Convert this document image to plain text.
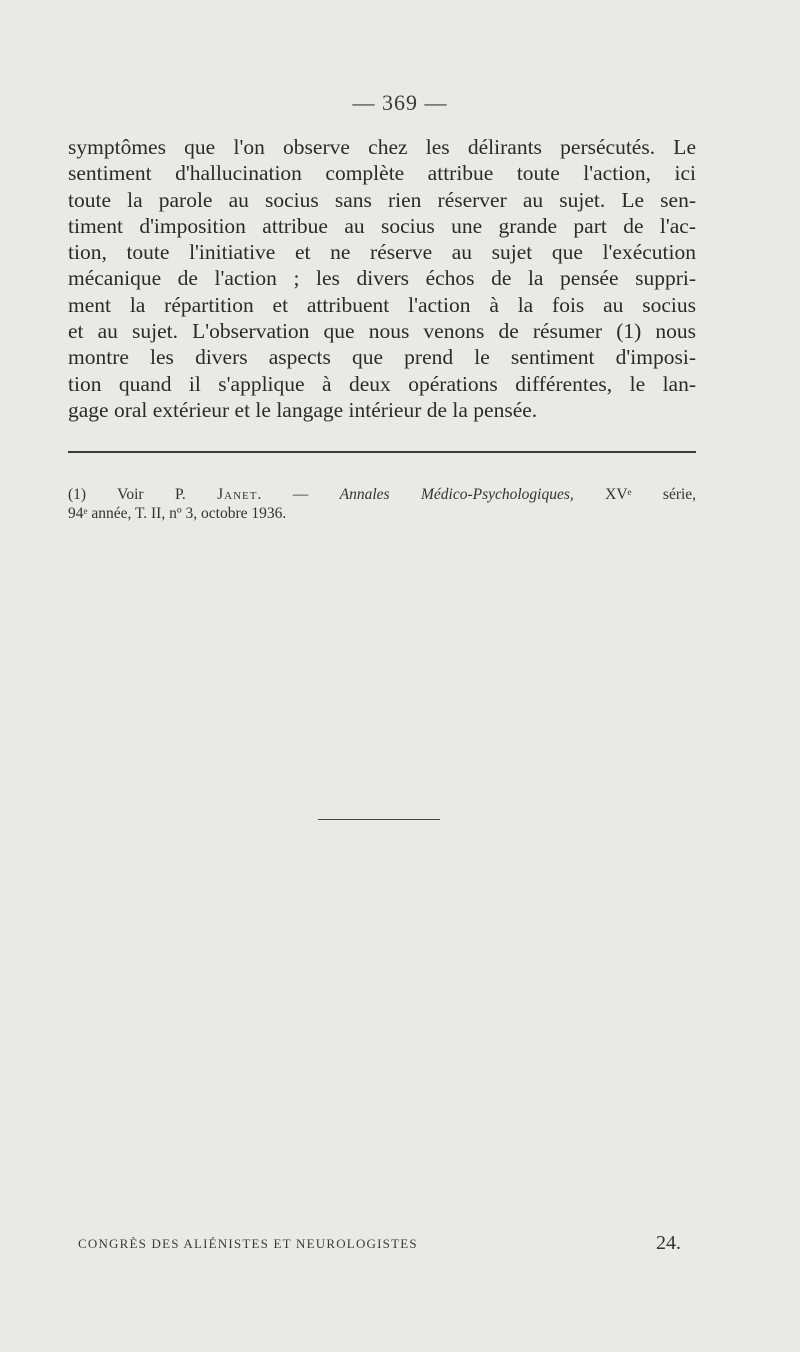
— 369 —
symptômes que l'on observe chez les délirants persécutés. Le
sentiment d'hallucination complète attribue toute l'action, ici
toute la parole au socius sans rien réserver au sujet. Le sen-
timent d'imposition attribue au socius une grande part de l'ac-
tion, toute l'initiative et ne réserve au sujet que l'exécution
mécanique de l'action ; les divers échos de la pensée suppri-
ment la répartition et attribuent l'action à la fois au socius
et au sujet. L'observation que nous venons de résumer (1) nous
montre les divers aspects que prend le sentiment d'imposi-
tion quand il s'applique à deux opérations différentes, le lan-
gage oral extérieur et le langage intérieur de la pensée.
(1) Voir P. Janet. — Annales Médico-Psychologiques, XVᵉ série,
94ᵉ année, T. II, nº 3, octobre 1936.
CONGRÈS DES ALIÉNISTES ET NEUROLOGISTES	24.
